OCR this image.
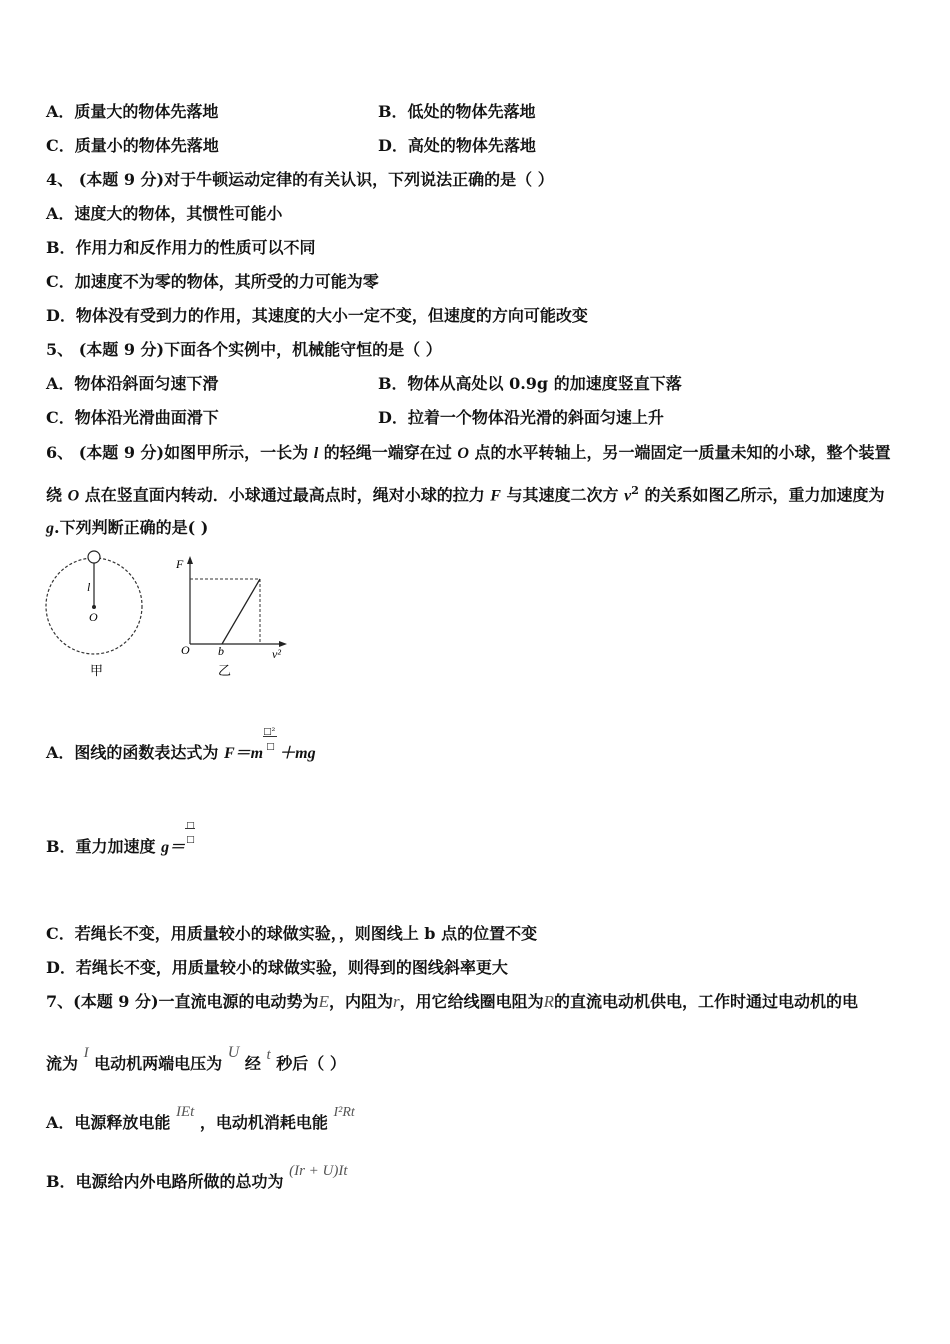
A．质量大的物体先落地	B．低处的物体先落地
C．质量小的物体先落地	D．高处的物体先落地
4、 (本题 9 分)对于牛顿运动定律的有关认识，下列说法正确的是（ ）
A．速度大的物体，其惯性可能小
B．作用力和反作用力的性质可以不同
C．加速度不为零的物体，其所受的力可能为零
D．物体没有受到力的作用，其速度的大小一定不变，但速度的方向可能改变
5、 (本题 9 分)下面各个实例中，机械能守恒的是（ ）
A．物体沿斜面匀速下滑	B．物体从高处以 0.9g 的加速度竖直下落
C．物体沿光滑曲面滑下	D．拉着一个物体沿光滑的斜面匀速上升
6、 (本题 9 分)如图甲所示，一长为 l 的轻绳一端穿在过 O 点的水平转轴上，另一端固定一质量未知的小球，整个装置
绕 O 点在竖直面内转动．小球通过最高点时，绳对小球的拉力 F 与其速度二次方 $v^2$ 的关系如图乙所示，重力加速度为
g.下列判断正确的是( )
l
O
甲
F
O b	v²
乙
A．图线的函数表达式为 F＝m
□²
□ ＋mg
B．重力加速度 g＝
□
□
C．若绳长不变，用质量较小的球做实验，，则图线上 b 点的位置不变
D．若绳长不变，用质量较小的球做实验，则得到的图线斜率更大
7、(本题 9 分)一直流电源的电动势为E，内阻为r，用它给线圈电阻为R的直流电动机供电，工作时通过电动机的电
流为 I 电动机两端电压为 U 经 t 秒后（ ）
A．电源释放电能 IEt ，电动机消耗电能 I²Rt
B．电源给内外电路所做的总功为 (Ir + U)It
